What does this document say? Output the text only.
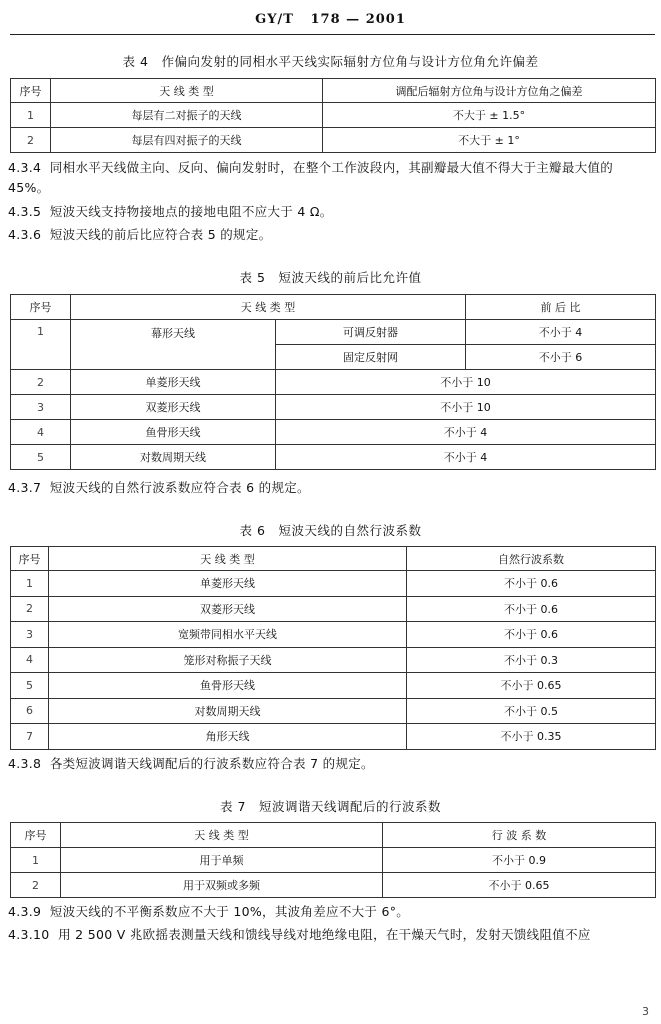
GY/T 178 — 2001
表 4　作偏向发射的同相水平天线实际辐射方位角与设计方位角允许偏差
序号	天 线 类 型	调配后辐射方位角与设计方位角之偏差
1	每层有二对振子的天线	不大于 ± 1.5°
2	每层有四对振子的天线	不大于 ± 1°
4.3.4 同相水平天线做主向、反向、偏向发射时，在整个工作波段内，其副瓣最大值不得大于主瓣最大值的 45%。
4.3.5 短波天线支持物接地点的接地电阻不应大于 4 Ω。
4.3.6 短波天线的前后比应符合表 5 的规定。
表 5　短波天线的前后比允许值
序号	天 线 类 型		前 后 比
1	幕形天线	可调反射器	不小于 4
		固定反射网	不小于 6
2	单菱形天线	不小于 10	
3	双菱形天线	不小于 10	
4	鱼骨形天线	不小于 4	
5	对数周期天线	不小于 4	
4.3.7 短波天线的自然行波系数应符合表 6 的规定。
表 6　短波天线的自然行波系数
序号	天 线 类 型	自然行波系数
1	单菱形天线	不小于 0.6
2	双菱形天线	不小于 0.6
3	宽频带同相水平天线	不小于 0.6
4	笼形对称振子天线	不小于 0.3
5	鱼骨形天线	不小于 0.65
6	对数周期天线	不小于 0.5
7	角形天线	不小于 0.35
4.3.8 各类短波调谐天线调配后的行波系数应符合表 7 的规定。
表 7　短波调谐天线调配后的行波系数
序号	天 线 类 型	行 波 系 数
1	用于单频	不小于 0.9
2	用于双频或多频	不小于 0.65
4.3.9 短波天线的不平衡系数应不大于 10%，其波角差应不大于 6°。
4.3.10 用 2 500 V 兆欧摇表测量天线和馈线导线对地绝缘电阻，在干燥天气时，发射天馈线阻值不应
3
